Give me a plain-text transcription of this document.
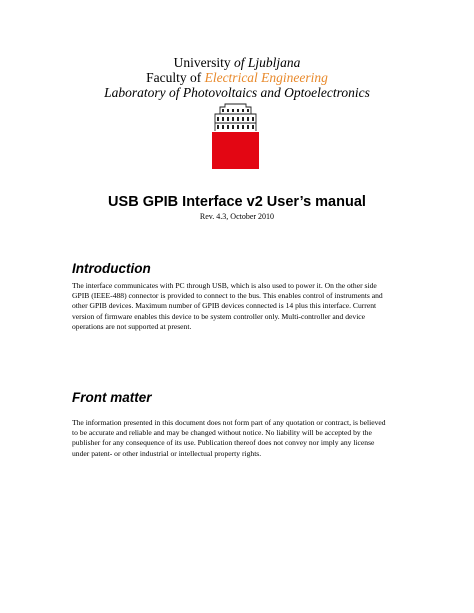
University of Ljubljana
Faculty of Electrical Engineering
Laboratory of Photovoltaics and Optoelectronics
USB GPIB Interface v2 User’s manual
Rev. 4.3, October 2010
Introduction
The interface communicates with PC through USB, which is also used to power it. On the other side
GPIB (IEEE-488) connector is provided to connect to the bus. This enables control of instruments and
other GPIB devices. Maximum number of GPIB devices connected is 14 plus this interface. Current
version of firmware enables this device to be system controller only. Multi-controller and device
operations are not supported at present.
Front matter
The information presented in this document does not form part of any quotation or contract, is believed
to be accurate and reliable and may be changed without notice. No liability will be accepted by the
publisher for any consequence of its use. Publication thereof does not convey nor imply any license
under patent- or other industrial or intellectual property rights.
